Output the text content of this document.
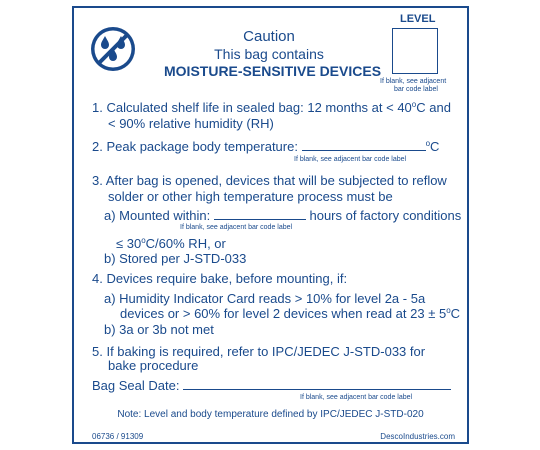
Caution
This bag contains
MOISTURE-SENSITIVE DEVICES
LEVEL
If blank, see adjacent
bar code label
1. Calculated shelf life in sealed bag: 12 months at < $40^oC$ and
< 90% relative humidity (RH)
2. Peak package body temperature:	$^o$C
If blank, see adjacent bar code label
3. After bag is opened, devices that will be subjected to reflow
solder or other high temperature process must be
a) Mounted within:	hours of factory conditions
If blank, see adjacent bar code label
≤ $30^oC/60\%$ RH, or
b) Stored per J-STD-033
4. Devices require bake, before mounting, if:
a) Humidity Indicator Card reads > 10% for level 2a - 5a
devices or > 60% for level 2 devices when read at $23 \pm 5^oC$
b) 3a or 3b not met
5. If baking is required, refer to IPC/JEDEC J-STD-033 for
bake procedure
Bag Seal Date:
If blank, see adjacent bar code label
Note: Level and body temperature defined by IPC/JEDEC J-STD-020
06736 / 91309	DescoIndustries.com
